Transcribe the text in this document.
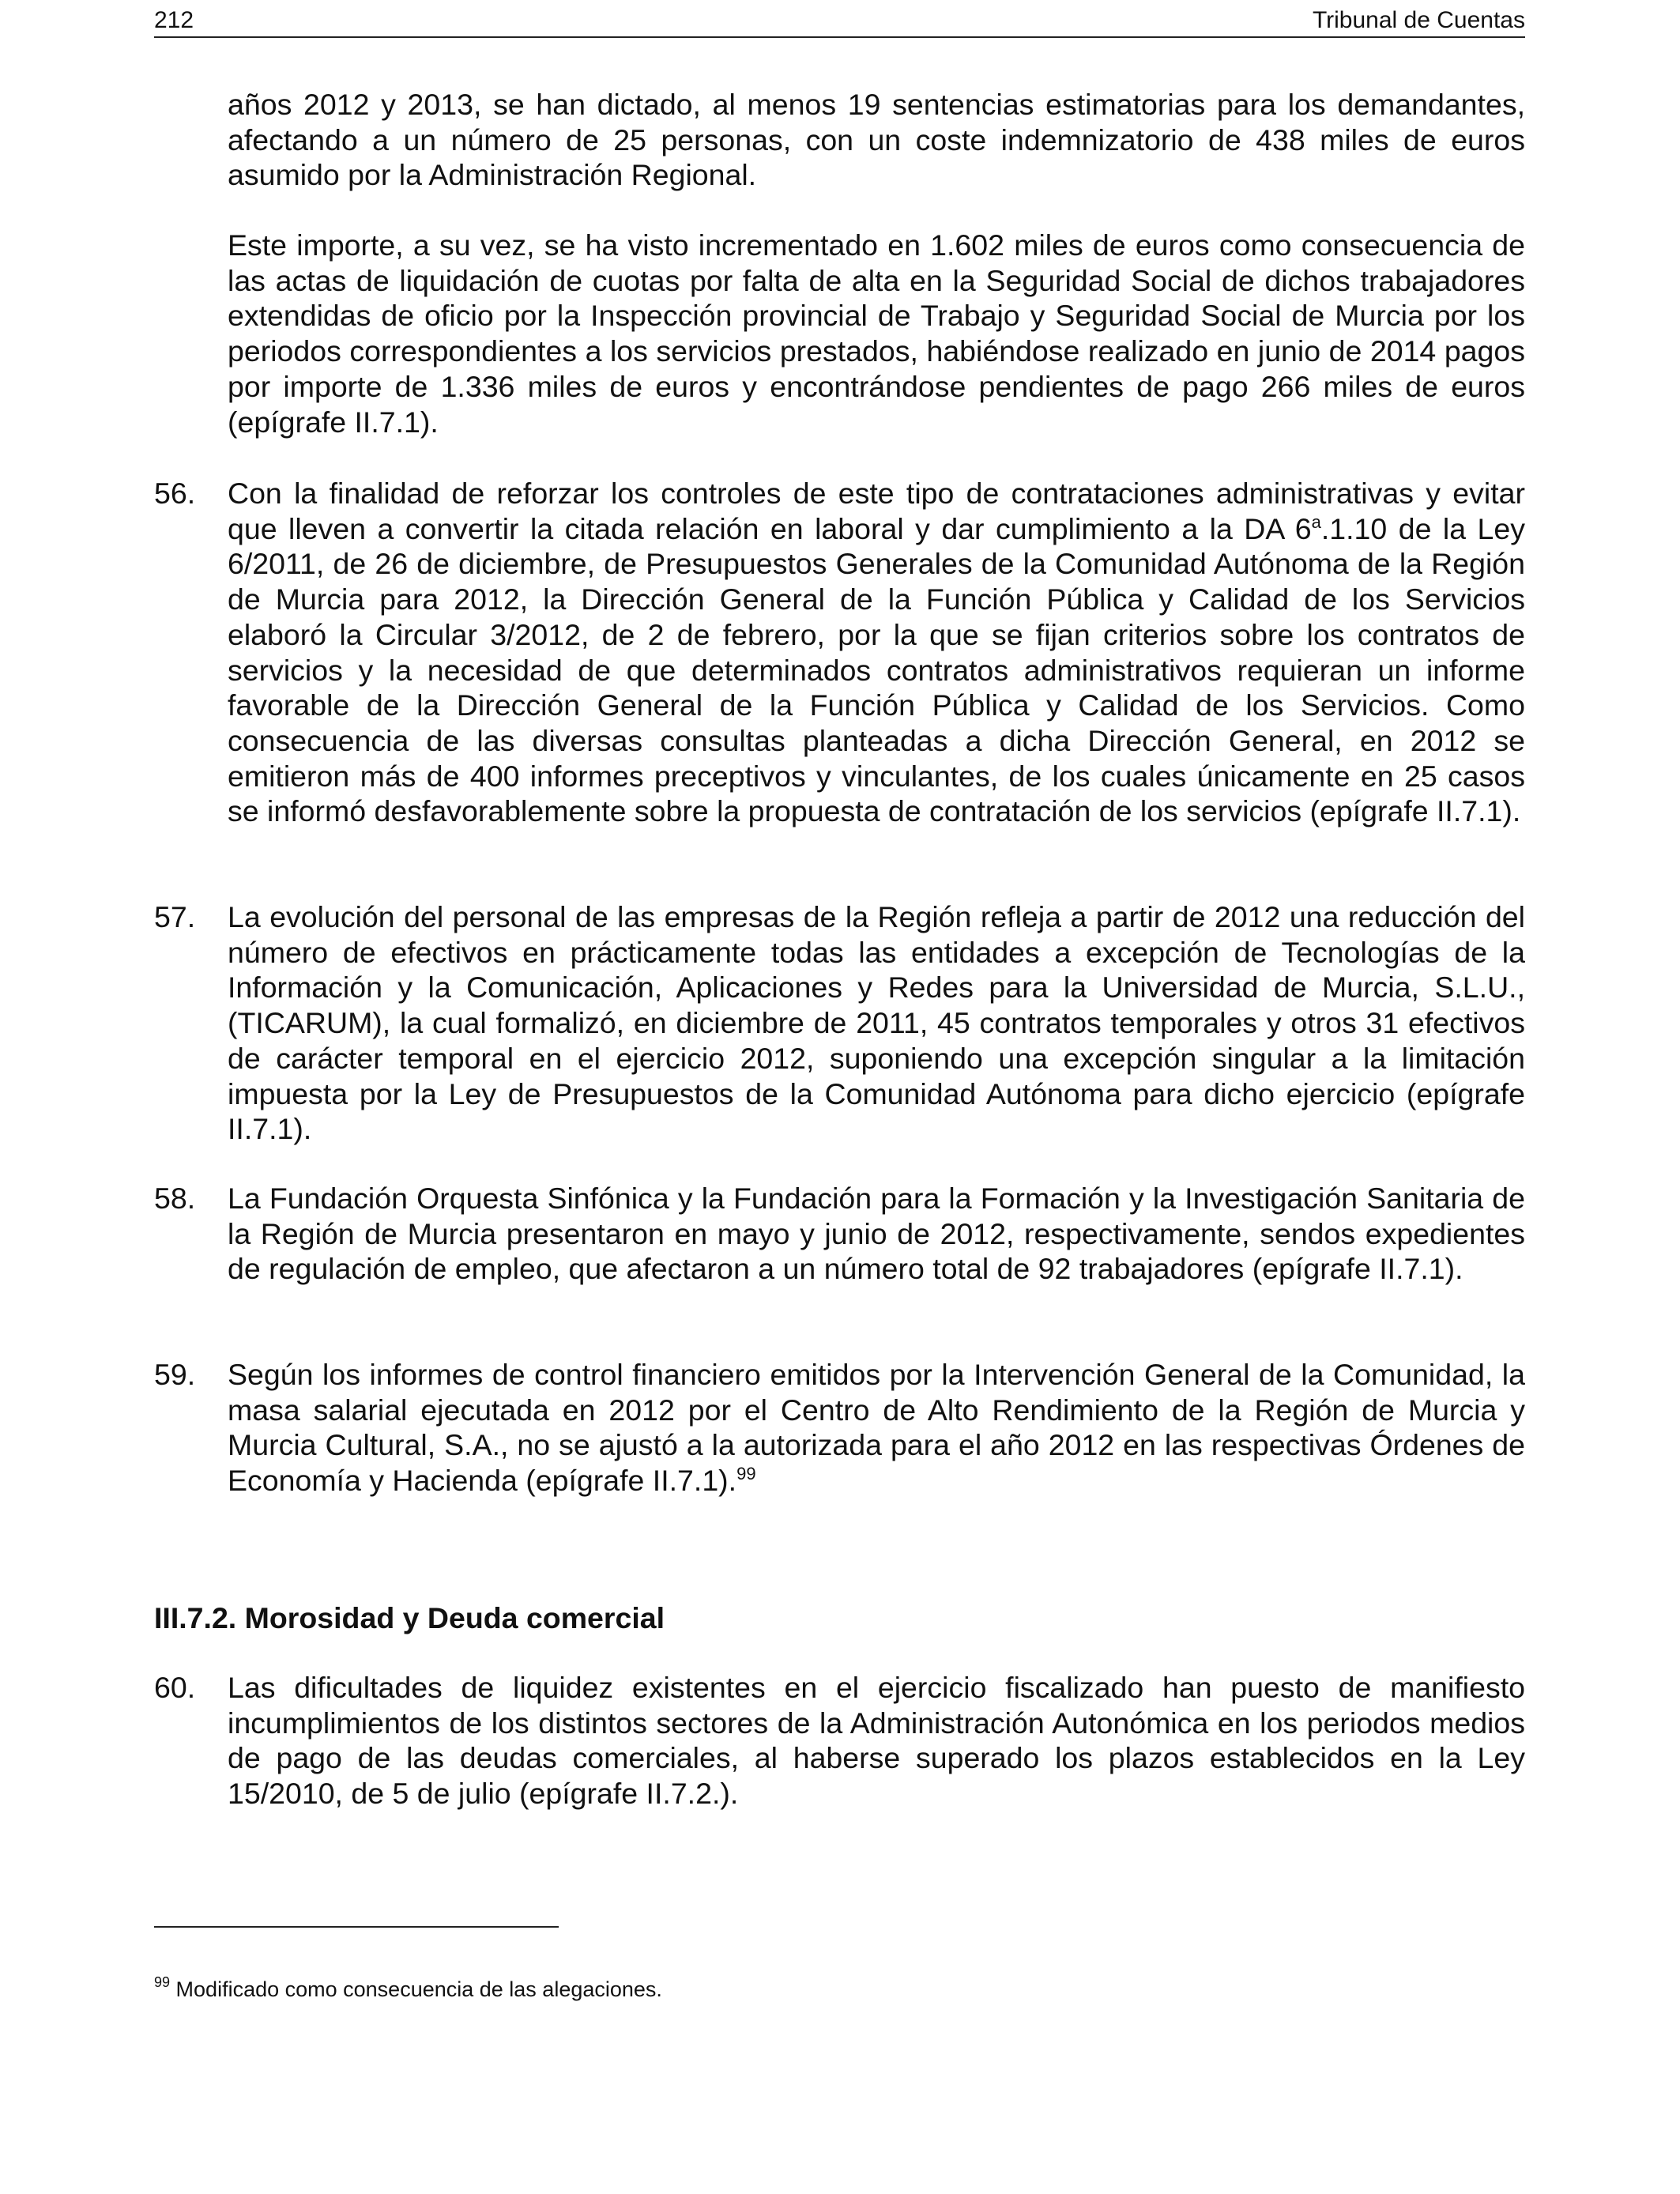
212	Tribunal de Cuentas

años 2012 y 2013, se han dictado, al menos 19 sentencias estimatorias para los demandantes, afectando a un número de 25 personas, con un coste indemnizatorio de 438 miles de euros asumido por la Administración Regional.

Este importe, a su vez, se ha visto incrementado en 1.602 miles de euros como consecuencia de las actas de liquidación de cuotas por falta de alta en la Seguridad Social de dichos trabajadores extendidas de oficio por la Inspección provincial de Trabajo y Seguridad Social de Murcia por los periodos correspondientes a los servicios prestados, habiéndose realizado en junio de 2014 pagos por importe de 1.336 miles de euros y encontrándose pendientes de pago 266 miles de euros (epígrafe II.7.1).

56. Con la finalidad de reforzar los controles de este tipo de contrataciones administrativas y evitar que lleven a convertir la citada relación en laboral y dar cumplimiento a la DA 6$^a$.1.10 de la Ley 6/2011, de 26 de diciembre, de Presupuestos Generales de la Comunidad Autónoma de la Región de Murcia para 2012, la Dirección General de la Función Pública y Calidad de los Servicios elaboró la Circular 3/2012, de 2 de febrero, por la que se fijan criterios sobre los contratos de servicios y la necesidad de que determinados contratos administrativos requieran un informe favorable de la Dirección General de la Función Pública y Calidad de los Servicios. Como consecuencia de las diversas consultas planteadas a dicha Dirección General, en 2012 se emitieron más de 400 informes preceptivos y vinculantes, de los cuales únicamente en 25 casos se informó desfavorablemente sobre la propuesta de contratación de los servicios (epígrafe II.7.1).

57. La evolución del personal de las empresas de la Región refleja a partir de 2012 una reducción del número de efectivos en prácticamente todas las entidades a excepción de Tecnologías de la Información y la Comunicación, Aplicaciones y Redes para la Universidad de Murcia, S.L.U., (TICARUM), la cual formalizó, en diciembre de 2011, 45 contratos temporales y otros 31 efectivos de carácter temporal en el ejercicio 2012, suponiendo una excepción singular a la limitación impuesta por la Ley de Presupuestos de la Comunidad Autónoma para dicho ejercicio (epígrafe II.7.1).

58. La Fundación Orquesta Sinfónica y la Fundación para la Formación y la Investigación Sanitaria de la Región de Murcia presentaron en mayo y junio de 2012, respectivamente, sendos expedientes de regulación de empleo, que afectaron a un número total de 92 trabajadores (epígrafe II.7.1).

59. Según los informes de control financiero emitidos por la Intervención General de la Comunidad, la masa salarial ejecutada en 2012 por el Centro de Alto Rendimiento de la Región de Murcia y Murcia Cultural, S.A., no se ajustó a la autorizada para el año 2012 en las respectivas Órdenes de Economía y Hacienda (epígrafe II.7.1).$^{99}$

III.7.2. Morosidad y Deuda comercial

60. Las dificultades de liquidez existentes en el ejercicio fiscalizado han puesto de manifiesto incumplimientos de los distintos sectores de la Administración Autonómica en los periodos medios de pago de las deudas comerciales, al haberse superado los plazos establecidos en la Ley 15/2010, de 5 de julio (epígrafe II.7.2.).

$^{99}$ Modificado como consecuencia de las alegaciones.
